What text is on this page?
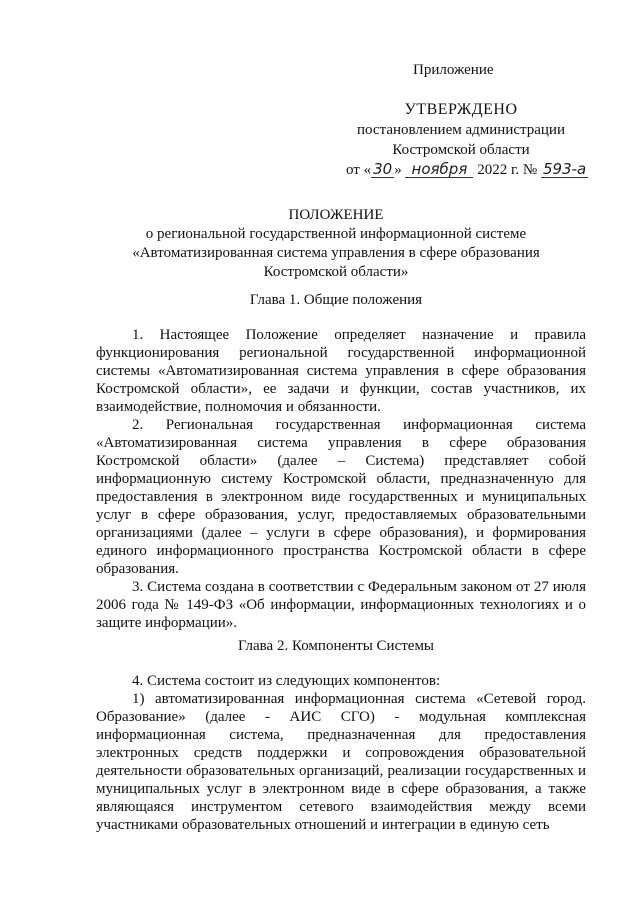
Приложение
УТВЕРЖДЕНО
постановлением администрации
Костромской области
от « 30 » ноября 2022 г. № 593-а
ПОЛОЖЕНИЕ
о региональной государственной информационной системе
«Автоматизированная система управления в сфере образования
Костромской области»
Глава 1. Общие положения

1. Настоящее Положение определяет назначение и правила функционирования региональной государственной информационной системы «Автоматизированная система управления в сфере образования Костромской области», ее задачи и функции, состав участников, их взаимодействие, полномочия и обязанности.

2. Региональная государственная информационная система «Автоматизированная система управления в сфере образования Костромской области» (далее – Система) представляет собой информационную систему Костромской области, предназначенную для предоставления в электронном виде государственных и муниципальных услуг в сфере образования, услуг, предоставляемых образовательными организациями (далее – услуги в сфере образования), и формирования единого информационного пространства Костромской области в сфере образования.

3. Система создана в соответствии с Федеральным законом от 27 июля 2006 года № 149-ФЗ «Об информации, информационных технологиях и о защите информации».

Глава 2. Компоненты Системы

4. Система состоит из следующих компонентов:

1) автоматизированная информационная система «Сетевой город. Образование» (далее - АИС СГО) - модульная комплексная информационная система, предназначенная для предоставления электронных средств поддержки и сопровождения образовательной деятельности образовательных организаций, реализации государственных и муниципальных услуг в электронном виде в сфере образования, а также являющаяся инструментом сетевого взаимодействия между всеми участниками образовательных отношений и интеграции в единую сеть
